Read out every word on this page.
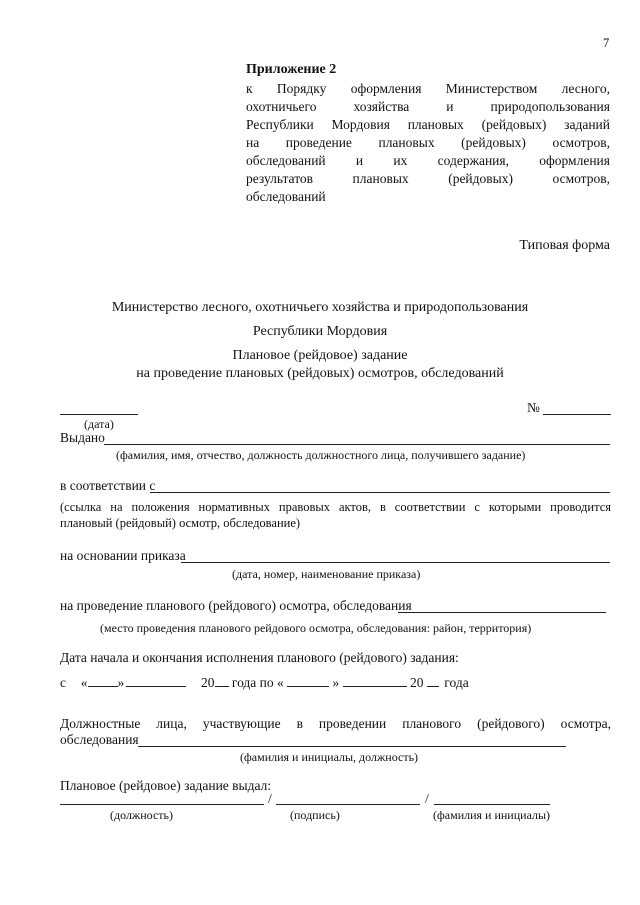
7
Приложение 2
к Порядку оформления Министерством лесного,
охотничьего хозяйства и природопользования
Республики Мордовия плановых (рейдовых) заданий
на проведение плановых (рейдовых) осмотров,
обследований и их содержания, оформления
результатов плановых (рейдовых) осмотров,
обследований
Типовая форма
Министерство лесного, охотничьего хозяйства и природопользования
Республики Мордовия
Плановое (рейдовое) задание
на проведение плановых (рейдовых) осмотров, обследований
(дата)
№
Выдано
(фамилия, имя, отчество, должность должностного лица, получившего задание)
в соответствии с
(ссылка на положения нормативных правовых актов, в соответствии с которыми проводится
плановый (рейдовый) осмотр, обследование)
на основании приказа
(дата, номер, наименование приказа)
на проведение планового (рейдового) осмотра, обследования
(место проведения планового рейдового осмотра, обследования: район, территория)
Дата начала и окончания исполнения планового (рейдового) задания:
с « »	20 года по «	»	20 года
Должностные лица, участвующие в проведении планового (рейдового) осмотра,
обследования
(фамилия и инициалы, должность)
Плановое (рейдовое) задание выдал:
/	/
(должность)	(подпись)	(фамилия и инициалы)
